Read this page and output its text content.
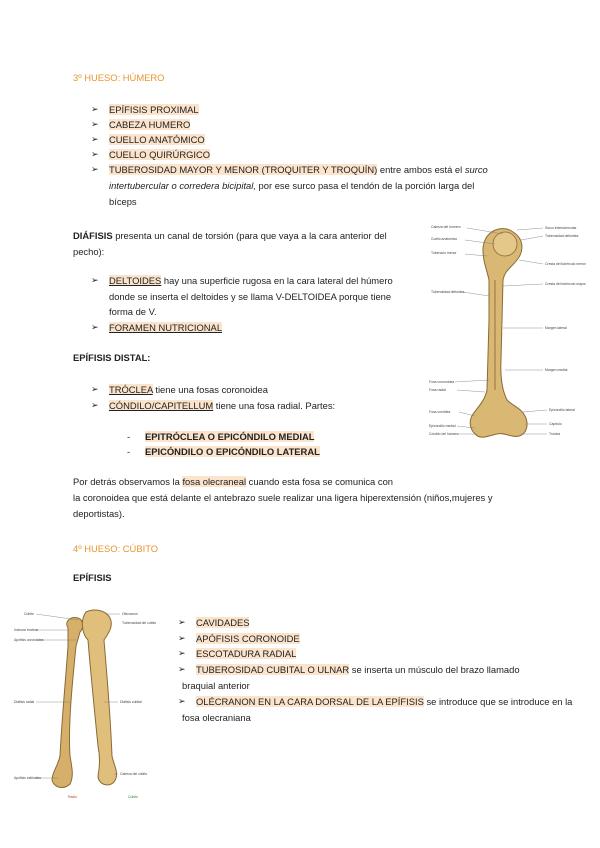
3º HUESO: HÚMERO
➢ EPÍFISIS PROXIMAL
➢ CABEZA HUMERO
➢ CUELLO ANATÓMICO
➢ CUELLO QUIRÚRGICO
➢ TUBEROSIDAD MAYOR Y MENOR (TROQUITER Y TROQUÍN) entre ambos está el surco
intertubercular o corredera bicipital, por ese surco pasa el tendón de la porción larga del
bíceps
DIÁFISIS presenta un canal de torsión (para que vaya a la cara anterior del
pecho):
➢ DELTOIDES hay una superficie rugosa en la cara lateral del húmero
donde se inserta el deltoides y se llama V-DELTOIDEA porque tiene
forma de V.
➢ FORAMEN NUTRICIONAL
EPÍFISIS DISTAL:
➢ TRÓCLEA tiene una fosas coronoidea
➢ CÓNDILO/CAPITELLUM tiene una fosa radial. Partes:
- EPITRÓCLEA O EPICÓNDILO MEDIAL
- EPICÓNDILO O EPICÓNDILO LATERAL
Por detrás observamos la fosa olecraneal cuando esta fosa se comunica con
la coronoidea que está delante el antebrazo suele realizar una ligera hiperextensión (niños,mujeres y
deportistas).
Cabeza del húmero
Cuello anatómico
Tubérculo menor
Surco intertubercular
Tuberosidad deltoidea
Cresta del tubérculo menor
Cresta del tubérculo mayor
Tuberosidad deltoidea
Margen lateral
Margen medial
Fosa coronoidea
Fosa radial
Fosa condílea
Epicóndilo medial
Epicóndilo lateral
Capítulo
Tróclea
Cóndilo del húmero
4º HUESO: CÚBITO
EPÍFISIS
Cúbito	Olécranon
Incisura troclear
Apófisis coronoides
Tuberosidad del cúbito
Diáfisis radial	Diáfisis cubital
Apófisis estiloides
Cabeza del cúbito
Radio	Cúbito
➢ CAVIDADES
➢ APÓFISIS CORONOIDE
➢ ESCOTADURA RADIAL
➢ TUBEROSIDAD CUBITAL O ULNAR se inserta un músculo del brazo llamado
braquial anterior
➢ OLÉCRANON EN LA CARA DORSAL DE LA EPÍFISIS se introduce que se introduce en la
fosa olecraniana
